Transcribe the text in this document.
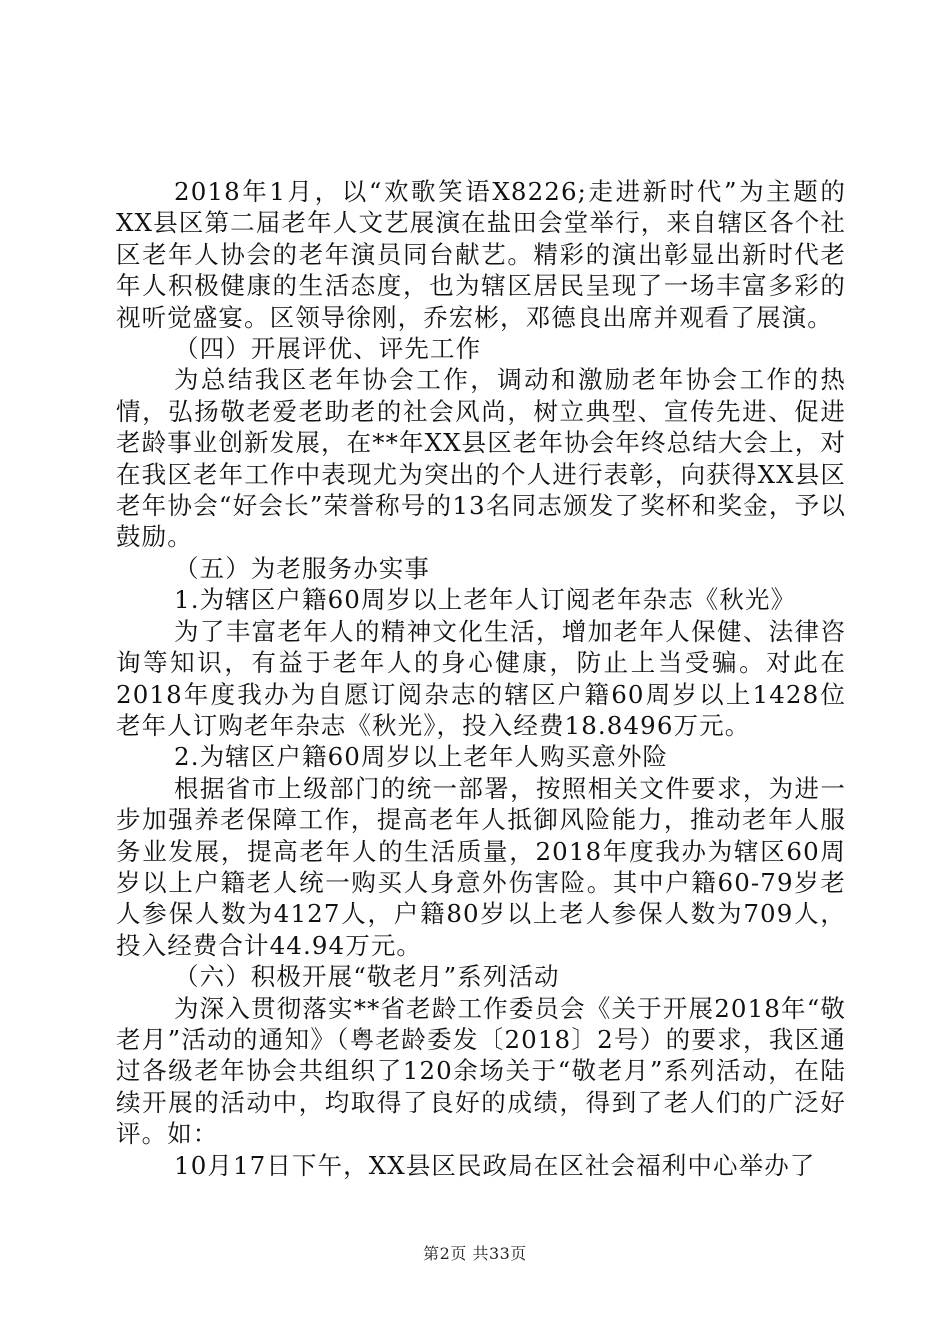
2018年1月，以“欢歌笑语X8226;走进新时代”为主题的XX县区第二届老年人文艺展演在盐田会堂举行，来自辖区各个社区老年人协会的老年演员同台献艺。精彩的演出彰显出新时代老年人积极健康的生活态度，也为辖区居民呈现了一场丰富多彩的视听觉盛宴。区领导徐刚，乔宏彬，邓德良出席并观看了展演。

（四）开展评优、评先工作

为总结我区老年协会工作，调动和激励老年协会工作的热情，弘扬敬老爱老助老的社会风尚，树立典型、宣传先进、促进老龄事业创新发展，在**年XX县区老年协会年终总结大会上，对在我区老年工作中表现尤为突出的个人进行表彰，向获得XX县区老年协会“好会长”荣誉称号的13名同志颁发了奖杯和奖金，予以鼓励。

（五）为老服务办实事

1.为辖区户籍60周岁以上老年人订阅老年杂志《秋光》

为了丰富老年人的精神文化生活，增加老年人保健、法律咨询等知识，有益于老年人的身心健康，防止上当受骗。对此在2018年度我办为自愿订阅杂志的辖区户籍60周岁以上1428位老年人订购老年杂志《秋光》，投入经费18.8496万元。

2.为辖区户籍60周岁以上老年人购买意外险

根据省市上级部门的统一部署，按照相关文件要求，为进一步加强养老保障工作，提高老年人抵御风险能力，推动老年人服务业发展，提高老年人的生活质量，2018年度我办为辖区60周岁以上户籍老人统一购买人身意外伤害险。其中户籍60-79岁老人参保人数为4127人，户籍80岁以上老人参保人数为709人，投入经费合计44.94万元。

（六）积极开展“敬老月”系列活动

为深入贯彻落实**省老龄工作委员会《关于开展2018年“敬老月”活动的通知》（粤老龄委发〔2018〕2号）的要求，我区通过各级老年协会共组织了120余场关于“敬老月”系列活动，在陆续开展的活动中，均取得了良好的成绩，得到了老人们的广泛好评。如：

10月17日下午，XX县区民政局在区社会福利中心举办了

第2页 共33页
